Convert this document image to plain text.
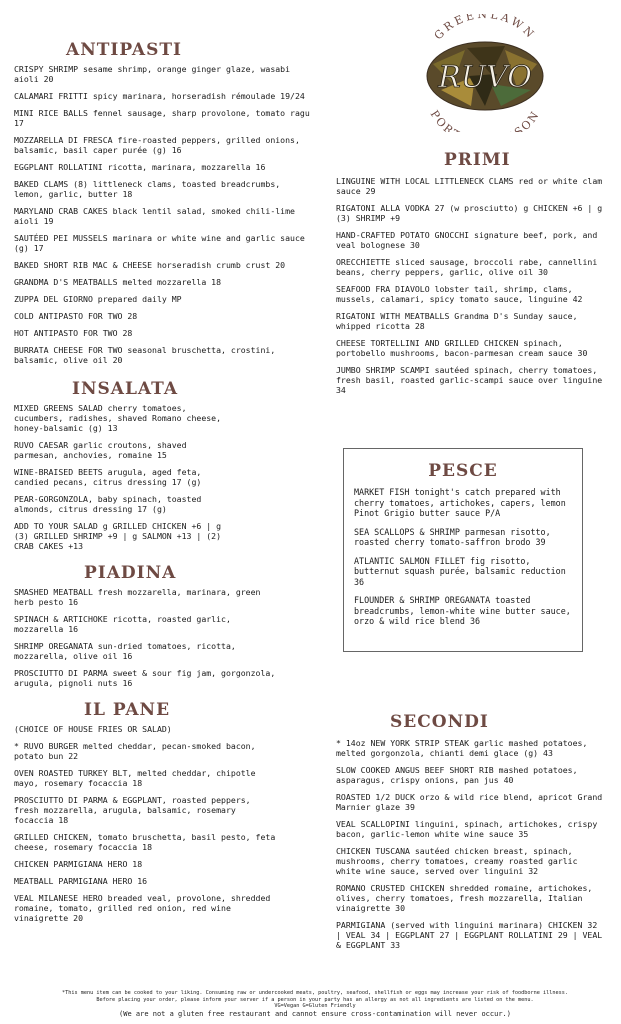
GREENLAWN
RUVO
POR SON
ANTIPASTI

CRISPY SHRIMP sesame shrimp, orange ginger glaze, wasabi aioli 20

CALAMARI FRITTI spicy marinara, horseradish rémoulade 19/24

MINI RICE BALLS fennel sausage, sharp provolone, tomato ragu 17

MOZZARELLA DI FRESCA fire-roasted peppers, grilled onions, balsamic, basil caper purée (g) 16

EGGPLANT ROLLATINI ricotta, marinara, mozzarella 16

BAKED CLAMS (8) littleneck clams, toasted breadcrumbs, lemon, garlic, butter 18

MARYLAND CRAB CAKES black lentil salad, smoked chili-lime aioli 19

SAUTÉED PEI MUSSELS marinara or white wine and garlic sauce (g) 17

BAKED SHORT RIB MAC & CHEESE horseradish crumb crust 20

GRANDMA D'S MEATBALLS melted mozzarella 18

ZUPPA DEL GIORNO prepared daily MP

COLD ANTIPASTO FOR TWO 28

HOT ANTIPASTO FOR TWO 28

BURRATA CHEESE FOR TWO seasonal bruschetta, crostini, balsamic, olive oil 20

INSALATA

MIXED GREENS SALAD cherry tomatoes, cucumbers, radishes, shaved Romano cheese, honey-balsamic (g) 13

RUVO CAESAR garlic croutons, shaved parmesan, anchovies, romaine 15

WINE-BRAISED BEETS arugula, aged feta, candied pecans, citrus dressing 17 (g)

PEAR-GORGONZOLA, baby spinach, toasted almonds, citrus dressing 17 (g)

ADD TO YOUR SALAD g GRILLED CHICKEN +6 | g (3) GRILLED SHRIMP +9 | g SALMON +13 | (2) CRAB CAKES +13

PIADINA

SMASHED MEATBALL fresh mozzarella, marinara, green herb pesto 16

SPINACH & ARTICHOKE ricotta, roasted garlic, mozzarella 16

SHRIMP OREGANATA sun-dried tomatoes, ricotta, mozzarella, olive oil 16

PROSCIUTTO DI PARMA sweet & sour fig jam, gorgonzola, arugula, pignoli nuts 16

IL PANE

(CHOICE OF HOUSE FRIES OR SALAD)

* RUVO BURGER melted cheddar, pecan-smoked bacon, potato bun 22

OVEN ROASTED TURKEY BLT, melted cheddar, chipotle mayo, rosemary focaccia 18

PROSCIUTTO DI PARMA & EGGPLANT, roasted peppers, fresh mozzarella, arugula, balsamic, rosemary focaccia 18

GRILLED CHICKEN, tomato bruschetta, basil pesto, feta cheese, rosemary focaccia 18

CHICKEN PARMIGIANA HERO 18

MEATBALL PARMIGIANA HERO 16

VEAL MILANESE HERO breaded veal, provolone, shredded romaine, tomato, grilled red onion, red wine vinaigrette 20

PRIMI

LINGUINE WITH LOCAL LITTLENECK CLAMS red or white clam sauce 29

RIGATONI ALLA VODKA 27 (w prosciutto) g CHICKEN +6 | g (3) SHRIMP +9

HAND-CRAFTED POTATO GNOCCHI signature beef, pork, and veal bolognese 30

ORECCHIETTE sliced sausage, broccoli rabe, cannellini beans, cherry peppers, garlic, olive oil 30

SEAFOOD FRA DIAVOLO lobster tail, shrimp, clams, mussels, calamari, spicy tomato sauce, linguine 42

RIGATONI WITH MEATBALLS Grandma D's Sunday sauce, whipped ricotta 28

CHEESE TORTELLINI AND GRILLED CHICKEN spinach, portobello mushrooms, bacon-parmesan cream sauce 30

JUMBO SHRIMP SCAMPI sautéed spinach, cherry tomatoes, fresh basil, roasted garlic-scampi sauce over linguine 34

PESCE

MARKET FISH tonight's catch prepared with cherry tomatoes, artichokes, capers, lemon Pinot Grigio butter sauce P/A

SEA SCALLOPS & SHRIMP parmesan risotto, roasted cherry tomato-saffron brodo 39

ATLANTIC SALMON FILLET fig risotto, butternut squash purée, balsamic reduction 36

FLOUNDER & SHRIMP OREGANATA toasted breadcrumbs, lemon-white wine butter sauce, orzo & wild rice blend 36

SECONDI

* 14oz NEW YORK STRIP STEAK garlic mashed potatoes, melted gorgonzola, chianti demi glace (g) 43

SLOW COOKED ANGUS BEEF SHORT RIB mashed potatoes, asparagus, crispy onions, pan jus 40

ROASTED 1/2 DUCK orzo & wild rice blend, apricot Grand Marnier glaze 39

VEAL SCALLOPINI linguini, spinach, artichokes, crispy bacon, garlic-lemon white wine sauce 35

CHICKEN TUSCANA sautéed chicken breast, spinach, mushrooms, cherry tomatoes, creamy roasted garlic white wine sauce, served over linguini 32

ROMANO CRUSTED CHICKEN shredded romaine, artichokes, olives, cherry tomatoes, fresh mozzarella, Italian vinaigrette 30

PARMIGIANA (served with linguini marinara) CHICKEN 32 | VEAL 34 | EGGPLANT 27 | EGGPLANT ROLLATINI 29 | VEAL & EGGPLANT 33

*This menu item can be cooked to your liking. Consuming raw or undercooked meats, poultry, seafood, shellfish or eggs may increase your risk of foodborne illness.
Before placing your order, please inform your server if a person in your party has an allergy as not all ingredients are listed on the menu.
VG=Vegan G=Gluten Friendly
(We are not a gluten free restaurant and cannot ensure cross-contamination will never occur.)
